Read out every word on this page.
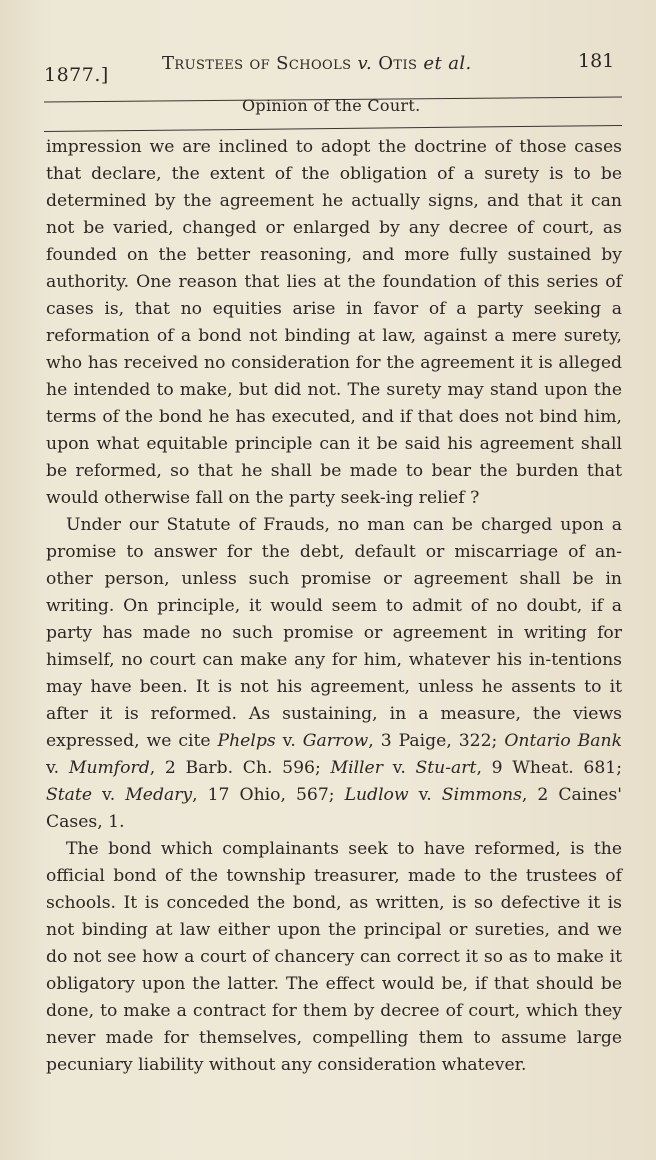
1877.]
Trustees of Schools v. Otis et al.	181
Opinion of the Court.

impression we are inclined to adopt the doctrine of those cases that declare, the extent of the obligation of a surety is to be determined by the agreement he actually signs, and that it can not be varied, changed or enlarged by any decree of court, as founded on the better reasoning, and more fully sustained by authority. One reason that lies at the foundation of this series of cases is, that no equities arise in favor of a party seeking a reformation of a bond not binding at law, against a mere surety, who has received no consideration for the agreement it is alleged he intended to make, but did not. The surety may stand upon the terms of the bond he has executed, and if that does not bind him, upon what equitable principle can it be said his agreement shall be reformed, so that he shall be made to bear the burden that would otherwise fall on the party seek-ing relief ?

Under our Statute of Frauds, no man can be charged upon a promise to answer for the debt, default or miscarriage of an-other person, unless such promise or agreement shall be in writing. On principle, it would seem to admit of no doubt, if a party has made no such promise or agreement in writing for himself, no court can make any for him, whatever his in-tentions may have been. It is not his agreement, unless he assents to it after it is reformed. As sustaining, in a measure, the views expressed, we cite Phelps v. Garrow, 3 Paige, 322; Ontario Bank v. Mumford, 2 Barb. Ch. 596; Miller v. Stu-art, 9 Wheat. 681; State v. Medary, 17 Ohio, 567; Ludlow v. Simmons, 2 Caines' Cases, 1.

The bond which complainants seek to have reformed, is the official bond of the township treasurer, made to the trustees of schools. It is conceded the bond, as written, is so defective it is not binding at law either upon the principal or sureties, and we do not see how a court of chancery can correct it so as to make it obligatory upon the latter. The effect would be, if that should be done, to make a contract for them by decree of court, which they never made for themselves, compelling them to assume large pecuniary liability without any consideration whatever.
